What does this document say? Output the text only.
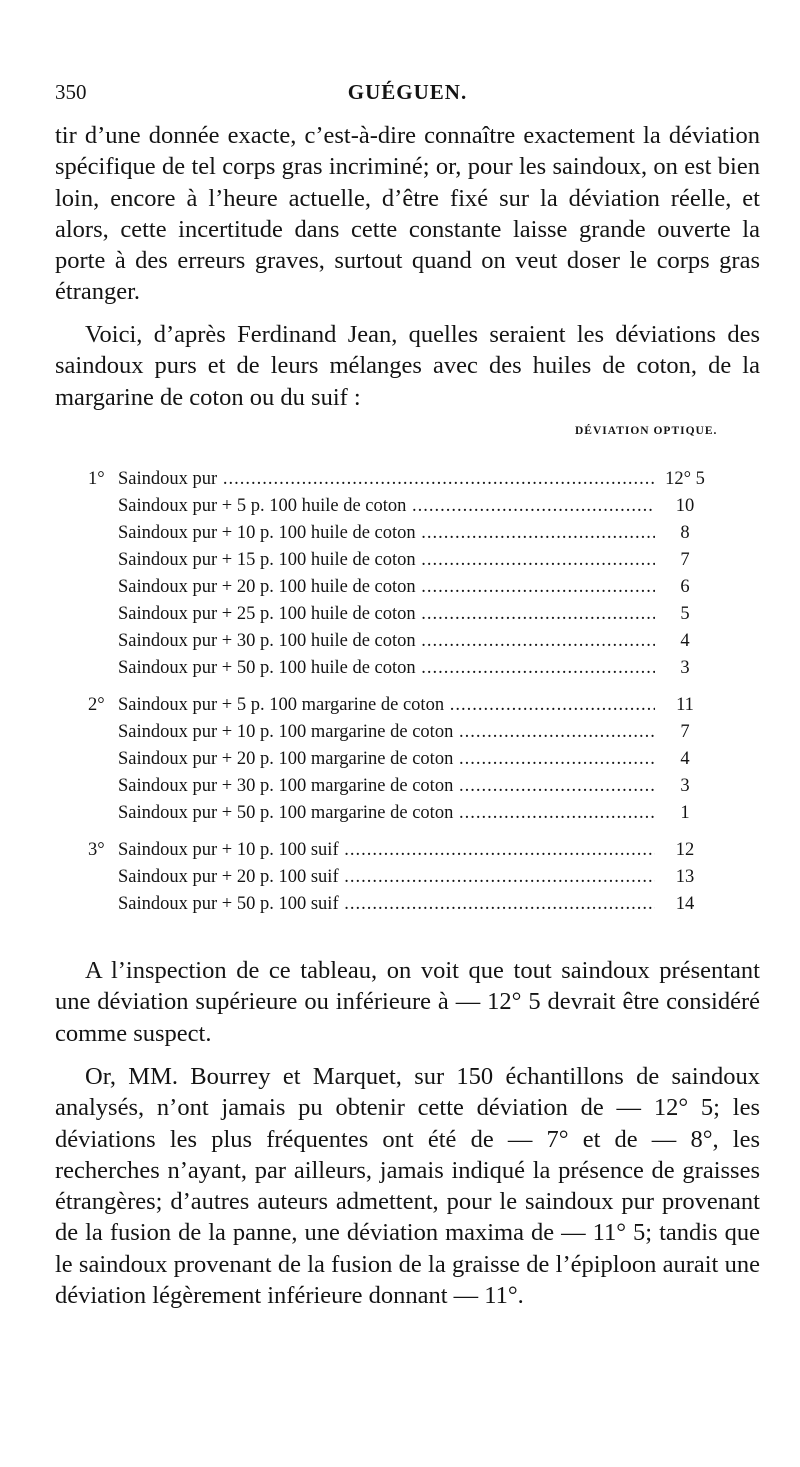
350	GUÉGUEN.

tir d’une donnée exacte, c’est-à-dire connaître exactement la déviation spécifique de tel corps gras incriminé; or, pour les saindoux, on est bien loin, encore à l’heure actuelle, d’être fixé sur la déviation réelle, et alors, cette incertitude dans cette constante laisse grande ouverte la porte à des erreurs graves, surtout quand on veut doser le corps gras étranger.

Voici, d’après Ferdinand Jean, quelles seraient les déviations des saindoux purs et de leurs mélanges avec des huiles de coton, de la margarine de coton ou du suif :

DÉVIATION OPTIQUE.
1° Saindoux pur .....	12° 5
Saindoux pur + 5 p. 100 huile de coton .....	10
Saindoux pur + 10 p. 100 huile de coton .....	8
Saindoux pur + 15 p. 100 huile de coton .....	7
Saindoux pur + 20 p. 100 huile de coton .....	6
Saindoux pur + 25 p. 100 huile de coton .....	5
Saindoux pur + 30 p. 100 huile de coton .....	4
Saindoux pur + 50 p. 100 huile de coton .....	3
2° Saindoux pur + 5 p. 100 margarine de coton .....	11
Saindoux pur + 10 p. 100 margarine de coton .....	7
Saindoux pur + 20 p. 100 margarine de coton .....	4
Saindoux pur + 30 p. 100 margarine de coton .....	3
Saindoux pur + 50 p. 100 margarine de coton .....	1
3° Saindoux pur + 10 p. 100 suif .....	12
Saindoux pur + 20 p. 100 suif .....	13
Saindoux pur + 50 p. 100 suif .....	14

A l’inspection de ce tableau, on voit que tout saindoux présentant une déviation supérieure ou inférieure à — 12° 5 devrait être considéré comme suspect.

Or, MM. Bourrey et Marquet, sur 150 échantillons de saindoux analysés, n’ont jamais pu obtenir cette déviation de — 12° 5; les déviations les plus fréquentes ont été de — 7° et de — 8°, les recherches n’ayant, par ailleurs, jamais indiqué la présence de graisses étrangères; d’autres auteurs admettent, pour le saindoux pur provenant de la fusion de la panne, une déviation maxima de — 11° 5; tandis que le saindoux provenant de la fusion de la graisse de l’épiploon aurait une déviation légèrement inférieure donnant — 11°.
